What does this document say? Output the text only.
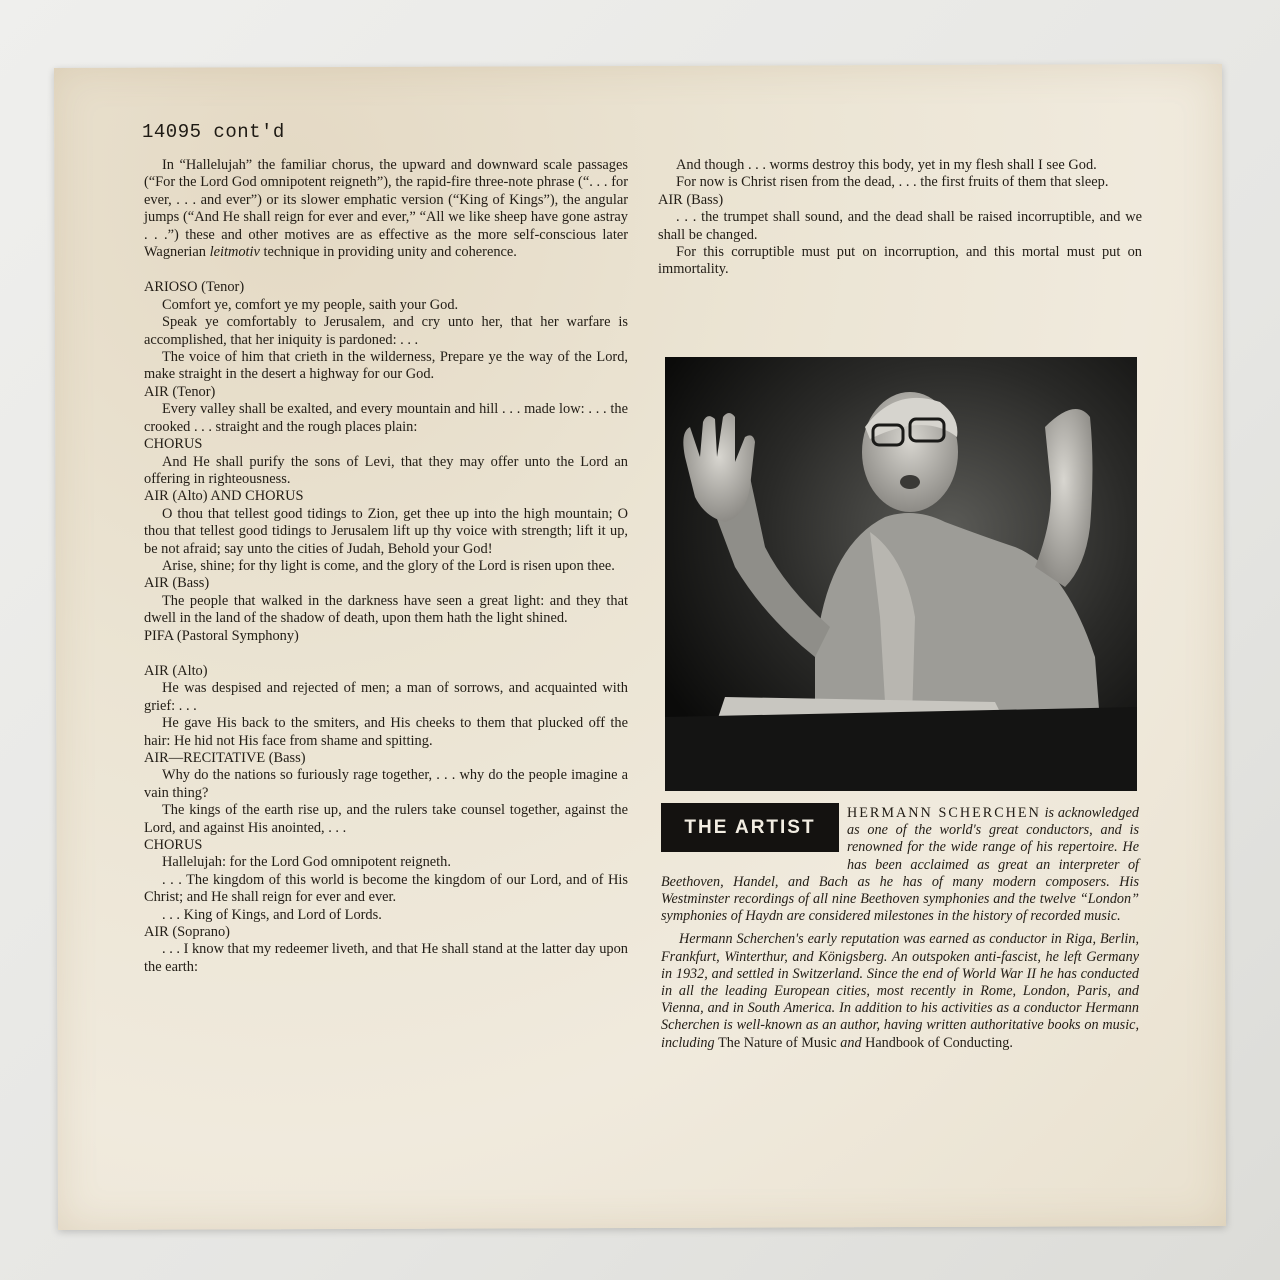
14095 cont'd

In “Hallelujah” the familiar chorus, the upward and downward scale passages (“For the Lord God omnipotent reigneth”), the rapid-fire three-note phrase (“. . . for ever, . . . and ever”) or its slower emphatic version (“King of Kings”), the angular jumps (“And He shall reign for ever and ever,” “All we like sheep have gone astray . . .”) these and other motives are as effective as the more self-conscious later Wagnerian leitmotiv technique in providing unity and coherence.

ARIOSO (Tenor)

Comfort ye, comfort ye my people, saith your God.

Speak ye comfortably to Jerusalem, and cry unto her, that her warfare is accomplished, that her iniquity is pardoned: . . .

The voice of him that crieth in the wilderness, Prepare ye the way of the Lord, make straight in the desert a highway for our God.

AIR (Tenor)

Every valley shall be exalted, and every mountain and hill . . . made low: . . . the crooked . . . straight and the rough places plain:

CHORUS

And He shall purify the sons of Levi, that they may offer unto the Lord an offering in righteousness.

AIR (Alto) AND CHORUS

O thou that tellest good tidings to Zion, get thee up into the high mountain; O thou that tellest good tidings to Jerusalem lift up thy voice with strength; lift it up, be not afraid; say unto the cities of Judah, Behold your God!

Arise, shine; for thy light is come, and the glory of the Lord is risen upon thee.

AIR (Bass)

The people that walked in the darkness have seen a great light: and they that dwell in the land of the shadow of death, upon them hath the light shined.

PIFA (Pastoral Symphony)

AIR (Alto)

He was despised and rejected of men; a man of sorrows, and acquainted with grief: . . .

He gave His back to the smiters, and His cheeks to them that plucked off the hair: He hid not His face from shame and spitting.

AIR—RECITATIVE (Bass)

Why do the nations so furiously rage together, . . . why do the people imagine a vain thing?

The kings of the earth rise up, and the rulers take counsel together, against the Lord, and against His anointed, . . .

CHORUS

Hallelujah: for the Lord God omnipotent reigneth.

. . . The kingdom of this world is become the kingdom of our Lord, and of His Christ; and He shall reign for ever and ever.

. . . King of Kings, and Lord of Lords.

AIR (Soprano)

. . . I know that my redeemer liveth, and that He shall stand at the latter day upon the earth:

And though . . . worms destroy this body, yet in my flesh shall I see God.

For now is Christ risen from the dead, . . . the first fruits of them that sleep.

AIR (Bass)

. . . the trumpet shall sound, and the dead shall be raised incorruptible, and we shall be changed.

For this corruptible must put on incorruption, and this mortal must put on immortality.

THE ARTIST

HERMANN SCHERCHEN is acknowledged as one of the world's great conductors, and is renowned for the wide range of his repertoire. He has been acclaimed as great an interpreter of Beethoven, Handel, and Bach as he has of many modern composers. His Westminster recordings of all nine Beethoven symphonies and the twelve “London” symphonies of Haydn are considered milestones in the history of recorded music.

Hermann Scherchen's early reputation was earned as conductor in Riga, Berlin, Frankfurt, Winterthur, and Königsberg. An outspoken anti-fascist, he left Germany in 1932, and settled in Switzerland. Since the end of World War II he has conducted in all the leading European cities, most recently in Rome, London, Paris, and Vienna, and in South America. In addition to his activities as a conductor Hermann Scherchen is well-known as an author, having written authoritative books on music, including The Nature of Music and Handbook of Conducting.
